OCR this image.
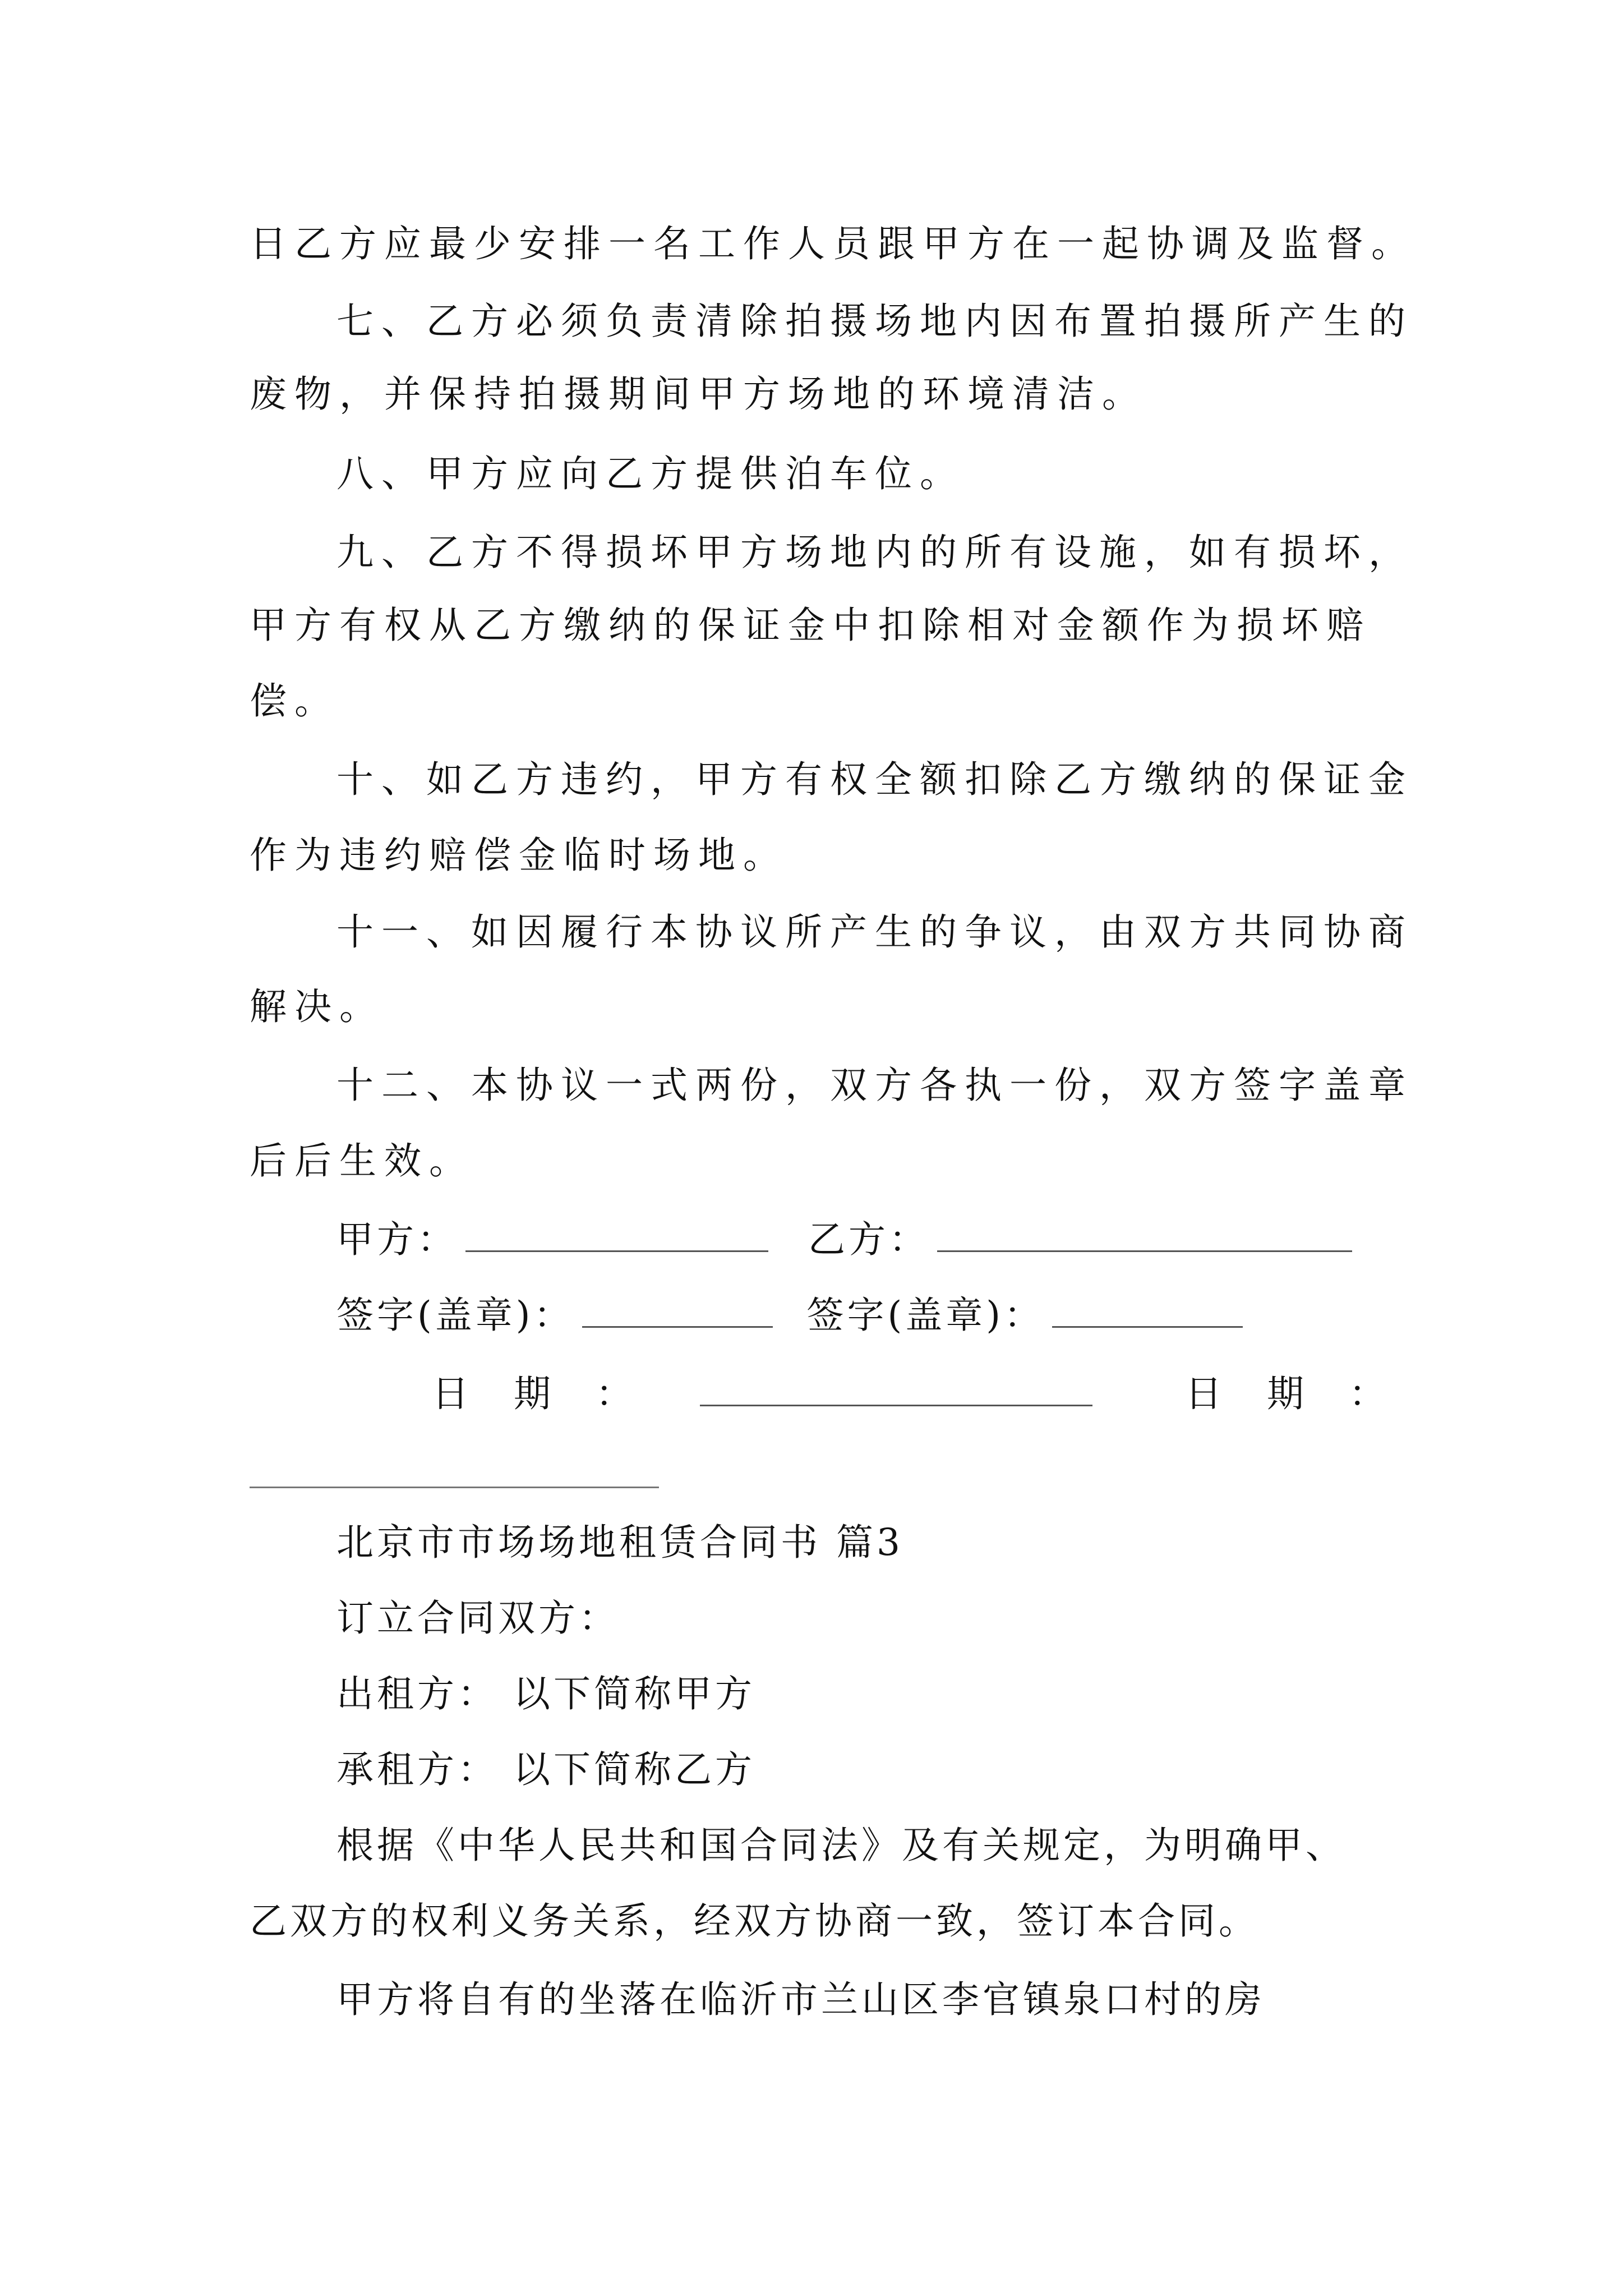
日乙方应最少安排一名工作人员跟甲方在一起协调及监督。
七、乙方必须负责清除拍摄场地内因布置拍摄所产生的
废物，并保持拍摄期间甲方场地的环境清洁。
八、甲方应向乙方提供泊车位。
九、乙方不得损坏甲方场地内的所有设施，如有损坏，
甲方有权从乙方缴纳的保证金中扣除相对金额作为损坏赔
偿。
十、如乙方违约，甲方有权全额扣除乙方缴纳的保证金
作为违约赔偿金临时场地。
十一、如因履行本协议所产生的争议，由双方共同协商
解决。
十二、本协议一式两份，双方各执一份，双方签字盖章
后后生效。
甲方：	乙方：
签字(盖章)：	签字(盖章)：
日期：	日期：
北京市市场场地租赁合同书 篇3
订立合同双方：
出租方： 以下简称甲方
承租方： 以下简称乙方
根据《中华人民共和国合同法》及有关规定，为明确甲、
乙双方的权利义务关系，经双方协商一致，签订本合同。
甲方将自有的坐落在临沂市兰山区李官镇泉口村的房
